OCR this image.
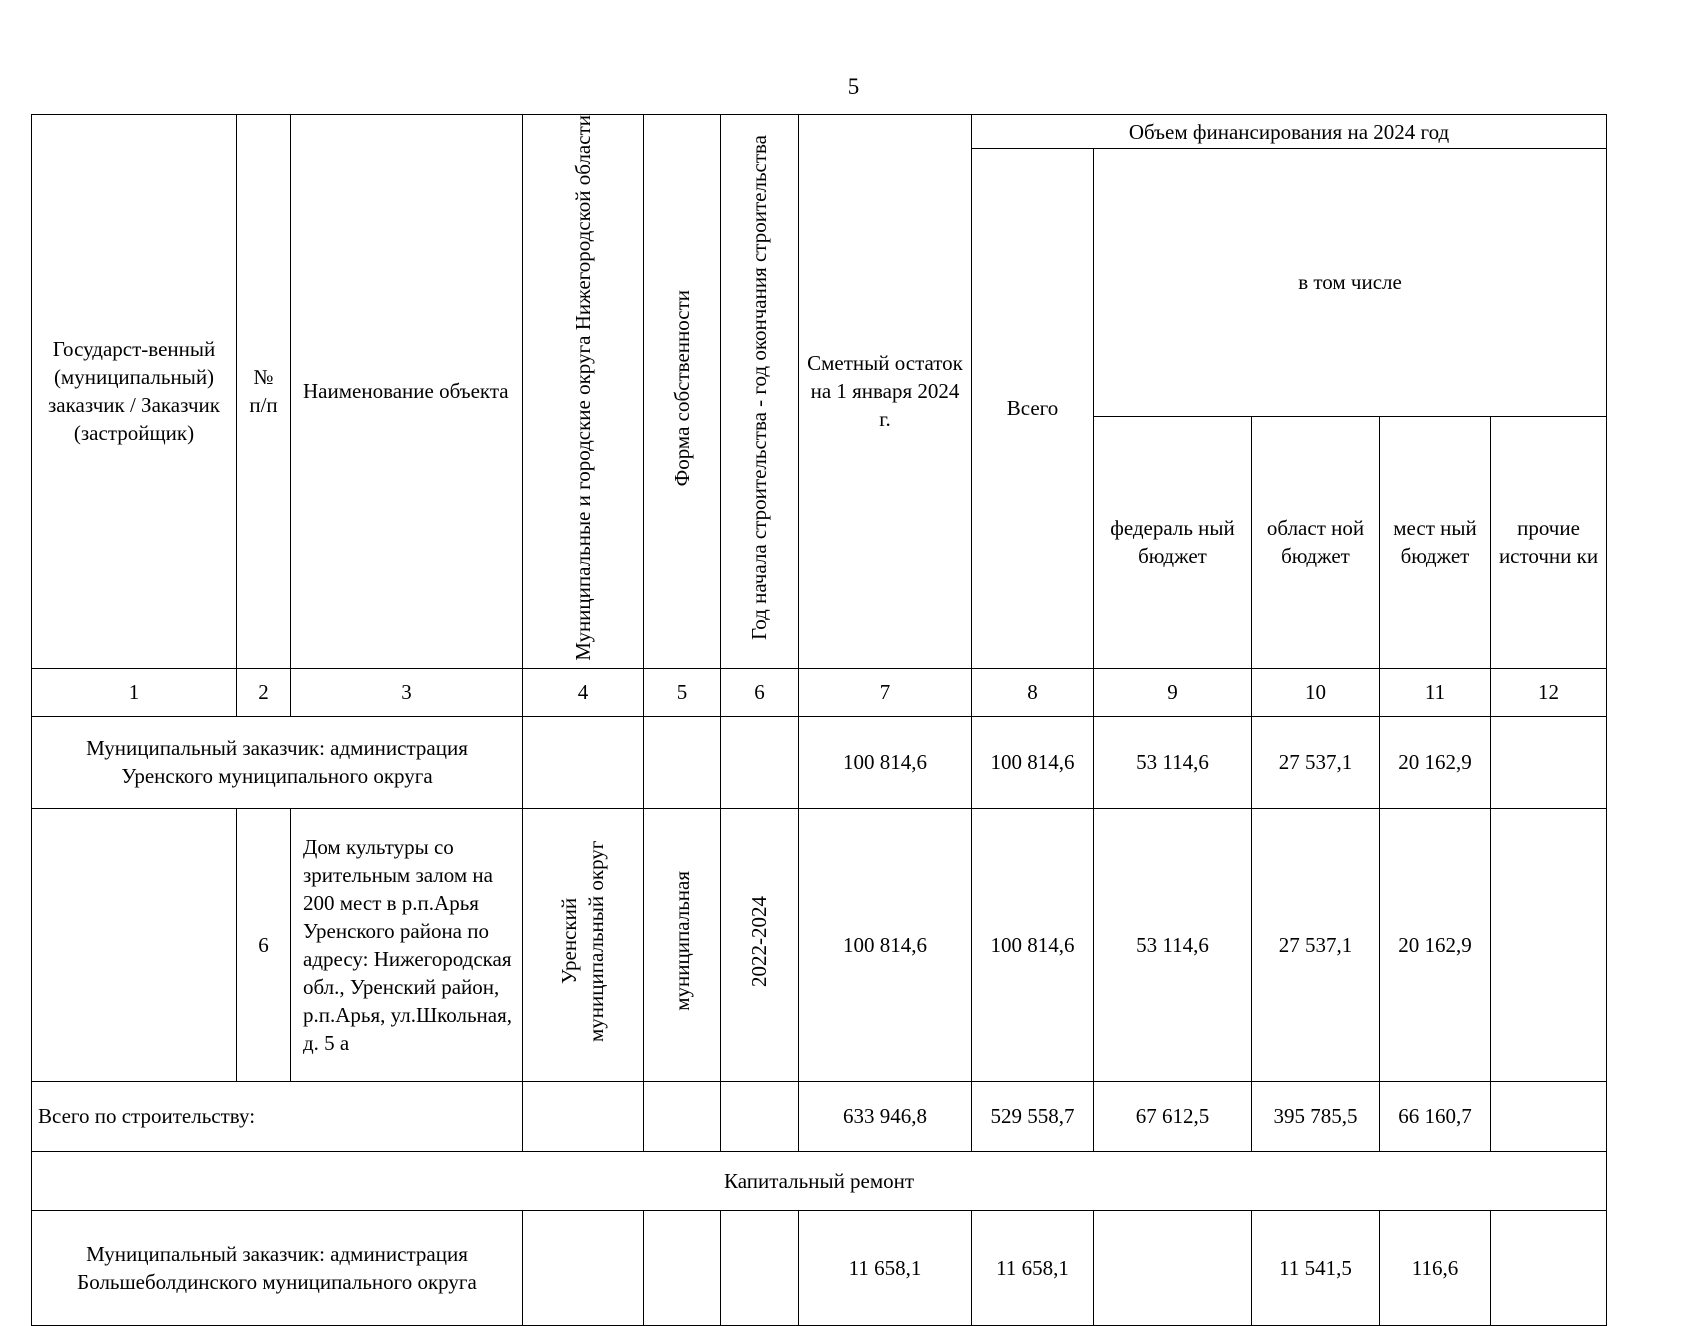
5
Государст-венный (муниципальный) заказчик / Заказчик (застройщик)	№ п/п	Наименование объекта	Муниципальные и городские округа Нижегородской области	Форма собственности	Год начала строительства - год окончания строительства	Сметный остаток на 1 января 2024 г.	Объем финансирования на 2024 год				
							Всего	в том числе			
								федераль ный бюджет	област ной бюджет	мест ный бюджет	прочие источни ки
1	2	3	4	5	6	7	8	9	10	11	12
Муниципальный заказчик: администрация Уренского муниципального округа						100 814,6	100 814,6	53 114,6	27 537,1	20 162,9	
	6	Дом культуры со зрительным залом на 200 мест в р.п.Арья Уренского района по адресу: Нижегородская обл., Уренский район, р.п.Арья, ул.Школьная, д. 5 а	Уренский муниципальный округ	муниципальная	2022-2024	100 814,6	100 814,6	53 114,6	27 537,1	20 162,9	
Всего по строительству:						633 946,8	529 558,7	67 612,5	395 785,5	66 160,7	
Капитальный ремонт											
Муниципальный заказчик: администрация Большеболдинского муниципального округа						11 658,1	11 658,1		11 541,5	116,6	
